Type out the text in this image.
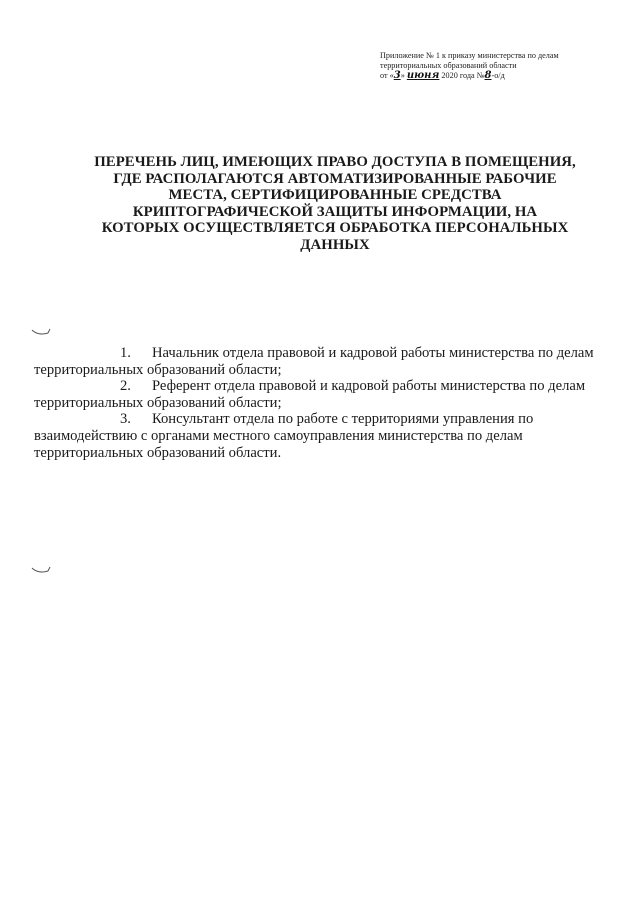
Приложение № 1 к приказу министерства по делам
территориальных образований области
от «3» июня 2020 года №8-о/д
ПЕРЕЧЕНЬ ЛИЦ, ИМЕЮЩИХ ПРАВО ДОСТУПА В ПОМЕЩЕНИЯ,
ГДЕ РАСПОЛАГАЮТСЯ АВТОМАТИЗИРОВАННЫЕ РАБОЧИЕ
МЕСТА, СЕРТИФИЦИРОВАННЫЕ СРЕДСТВА
КРИПТОГРАФИЧЕСКОЙ ЗАЩИТЫ ИНФОРМАЦИИ, НА
КОТОРЫХ ОСУЩЕСТВЛЯЕТСЯ ОБРАБОТКА ПЕРСОНАЛЬНЫХ
ДАННЫХ

1. Начальник отдела правовой и кадровой работы министерства по делам территориальных образований области;

2. Референт отдела правовой и кадровой работы министерства по делам территориальных образований области;

3. Консультант отдела по работе с территориями управления по взаимодействию с органами местного самоуправления министерства по делам территориальных образований области.
